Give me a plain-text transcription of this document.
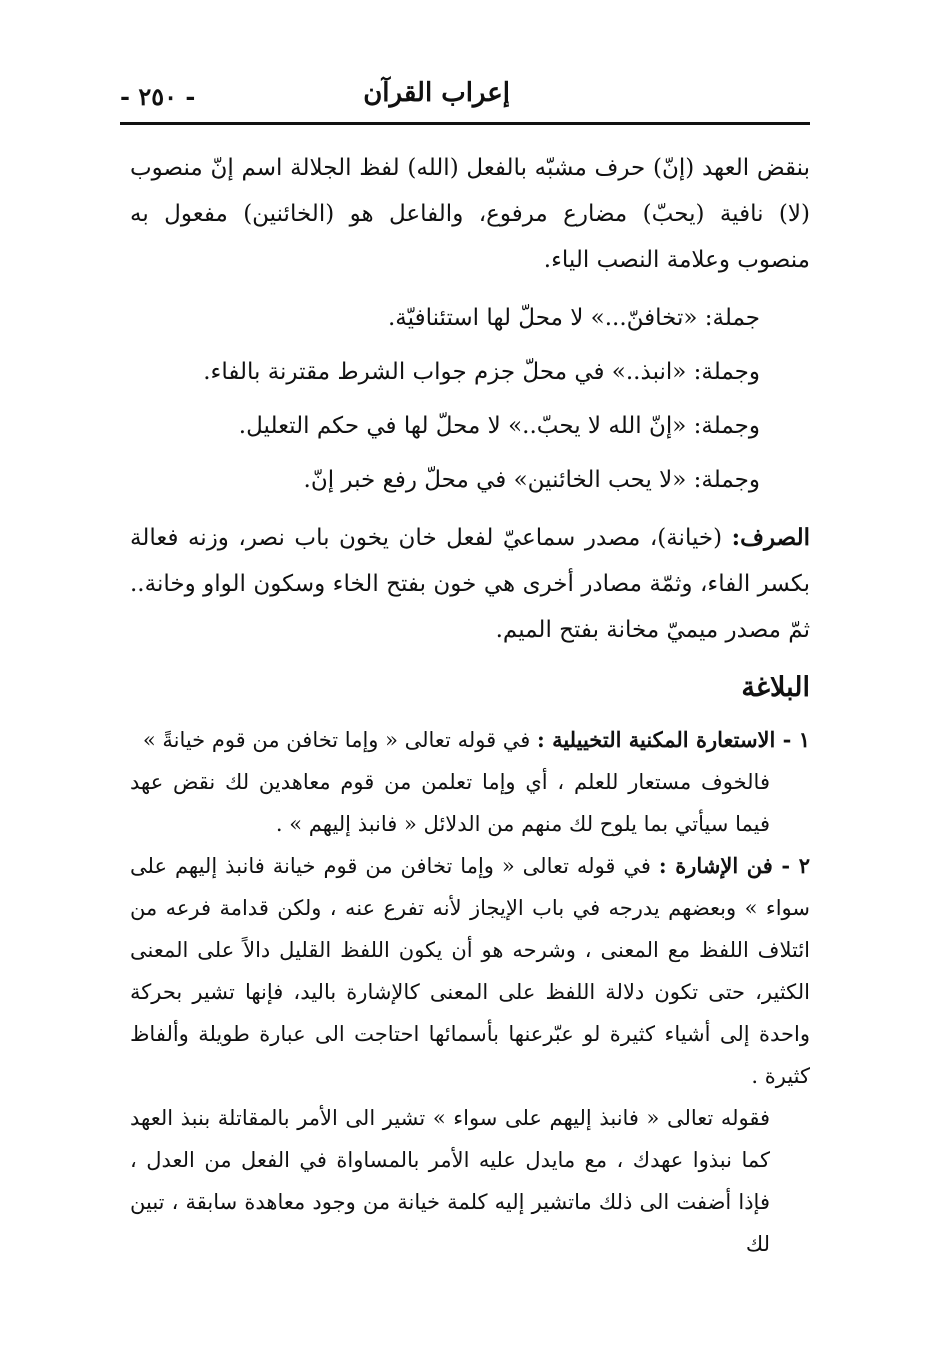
- ٢٥٠ -	إعراب القرآن

بنقض العهد (إنّ) حرف مشبّه بالفعل (الله) لفظ الجلالة اسم إنّ منصوب (لا) نافية (يحبّ) مضارع مرفوع، والفاعل هو (الخائنين) مفعول به منصوب وعلامة النصب الياء.

جملة: «تخافنّ...» لا محلّ لها استئنافيّة.

وجملة: «انبذ..» في محلّ جزم جواب الشرط مقترنة بالفاء.

وجملة: «إنّ الله لا يحبّ..» لا محلّ لها في حكم التعليل.

وجملة: «لا يحب الخائنين» في محلّ رفع خبر إنّ.

الصرف: (خيانة)، مصدر سماعيّ لفعل خان يخون باب نصر، وزنه فعالة بكسر الفاء، وثمّة مصادر أخرى هي خون بفتح الخاء وسكون الواو وخانة.. ثمّ مصدر ميميّ مخانة بفتح الميم.

البلاغة

١ - الاستعارة المكنية التخييلية : في قوله تعالى « وإما تخافن من قوم خيانةً »

فالخوف مستعار للعلم ، أي وإما تعلمن من قوم معاهدين لك نقض عهد فيما سيأتي بما يلوح لك منهم من الدلائل « فانبذ إليهم » .

٢ - فن الإشارة : في قوله تعالى « وإما تخافن من قوم خيانة فانبذ إليهم على سواء » وبعضهم يدرجه في باب الإيجاز لأنه تفرع عنه ، ولكن قدامة فرعه من ائتلاف اللفظ مع المعنى ، وشرحه هو أن يكون اللفظ القليل دالاً على المعنى الكثير، حتى تكون دلالة اللفظ على المعنى كالإشارة باليد، فإنها تشير بحركة واحدة إلى أشياء كثيرة لو عبّرعنها بأسمائها احتاجت الى عبارة طويلة وألفاظ كثيرة .

فقوله تعالى « فانبذ إليهم على سواء » تشير الى الأمر بالمقاتلة بنبذ العهد كما نبذوا عهدك ، مع مايدل عليه الأمر بالمساواة في الفعل من العدل ، فإذا أضفت الى ذلك ماتشير إليه كلمة خيانة من وجود معاهدة سابقة ، تبين لك
